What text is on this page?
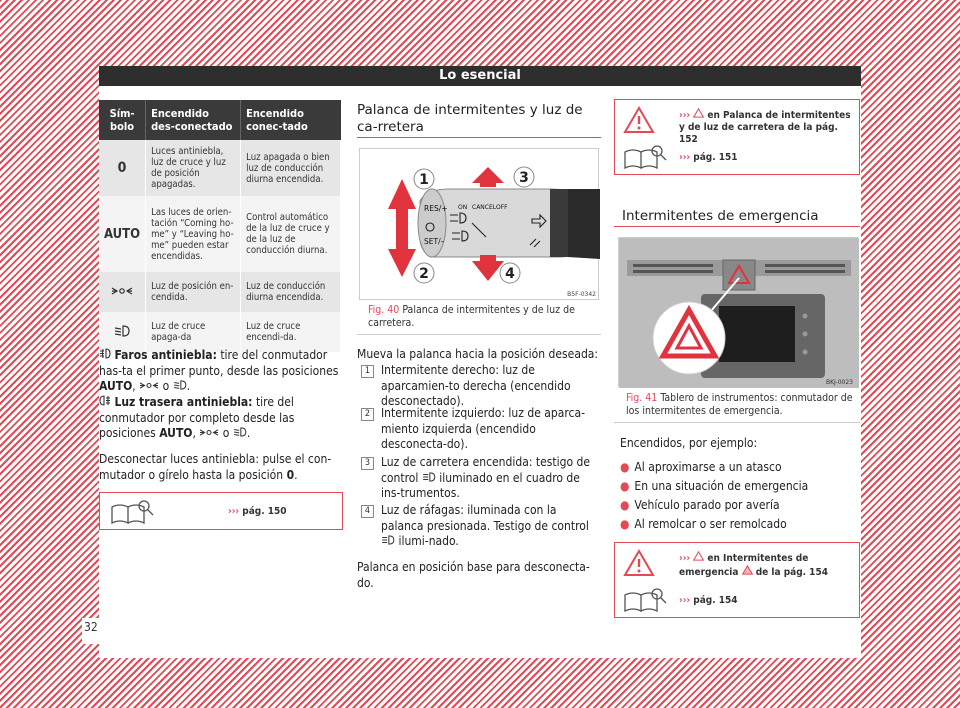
Lo esencial
32
Sím-bolo	Encendido des-conectado	Encendido conec-tado
0	Luces antiniebla, luz de cruce y luz de posición apagadas.	Luz apagada o bien luz de conducción diurna encendida.
AUTO	Las luces de orien-tación “Coming ho-me” y “Leaving ho-me” pueden estar encendidas.	Control automático de la luz de cruce y de la luz de conducción diurna.
	Luz de posición en-cendida.	Luz de conducción diurna encendida.
	Luz de cruce apaga-da	Luz de cruce encendi-da.
Faros antiniebla: tire del conmutador has-ta el primer punto, desde las posiciones AUTO,  o .
Luz trasera antiniebla: tire del conmutador por completo desde las posiciones AUTO,  o .
Desconectar luces antiniebla: pulse el con-mutador o gírelo hasta la posición 0.
››› pág. 150
Palanca de intermitentes y luz de ca-rretera
RES/+
SET/–
ON CANCEL OFF
1
2
3
4
B5F-0342
Fig. 40 Palanca de intermitentes y de luz de carretera.
Mueva la palanca hacia la posición deseada:
1 Intermitente derecho: luz de aparcamien-to derecha (encendido desconectado).
2 Intermitente izquierdo: luz de aparca-miento izquierda (encendido desconecta-do).
3 Luz de carretera encendida: testigo de control iluminado en el cuadro de ins-trumentos.
4 Luz de ráfagas: iluminada con la palanca presionada. Testigo de control  ilumi-nado.
Palanca en posición base para desconecta-do.
››› en Palanca de intermitentes y de luz de carretera de la pág. 152
››› pág. 151
Intermitentes de emergencia
BKJ-0023
Fig. 41 Tablero de instrumentos: conmutador de los intermitentes de emergencia.
Encendidos, por ejemplo:
● Al aproximarse a un atasco
● En una situación de emergencia
● Vehículo parado por avería
● Al remolcar o ser remolcado
››› en Intermitentes de emergencia de la pág. 154
››› pág. 154
